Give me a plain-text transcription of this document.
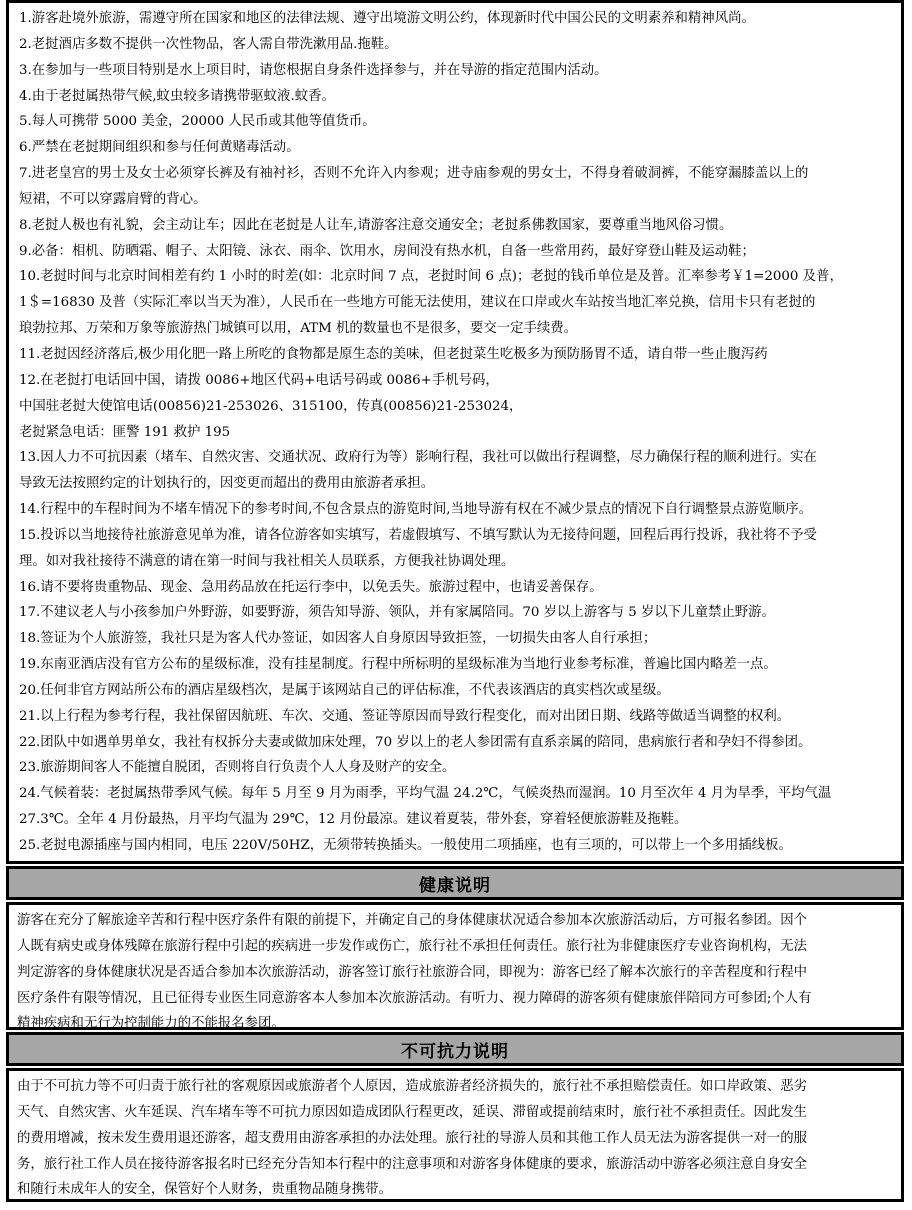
1.游客赴境外旅游，需遵守所在国家和地区的法律法规、遵守出境游文明公约，体现新时代中国公民的文明素养和精神风尚。
2.老挝酒店多数不提供一次性物品，客人需自带洗漱用品.拖鞋。
3.在参加与一些项目特别是水上项目时，请您根据自身条件选择参与，并在导游的指定范围内活动。
4.由于老挝属热带气候,蚊虫较多请携带驱蚊液.蚊香。
5.每人可携带 5000 美金，20000 人民币或其他等值货币。
6.严禁在老挝期间组织和参与任何黄赌毒活动。
7.进老皇宫的男士及女士必须穿长裤及有袖衬衫，否则不允许入内参观；进寺庙参观的男女士，不得身着破洞裤，不能穿漏膝盖以上的
短裙，不可以穿露肩臂的背心。
8.老挝人极也有礼貌，会主动让车；因此在老挝是人让车,请游客注意交通安全；老挝系佛教国家，要尊重当地风俗习惯。
9.必备：相机、防晒霜、帽子、太阳镜、泳衣、雨伞、饮用水，房间没有热水机，自备一些常用药，最好穿登山鞋及运动鞋；
10.老挝时间与北京时间相差有约 1 小时的时差(如：北京时间 7 点，老挝时间 6 点)；老挝的钱币单位是及普。汇率参考￥1=2000 及普，
1＄=16830 及普（实际汇率以当天为准），人民币在一些地方可能无法使用，建议在口岸或火车站按当地汇率兑换，信用卡只有老挝的
琅勃拉邦、万荣和万象等旅游热门城镇可以用，ATM 机的数量也不是很多，要交一定手续费。
11.老挝因经济落后,极少用化肥一路上所吃的食物都是原生态的美味，但老挝菜生吃极多为预防肠胃不适，请自带一些止腹泻药
12.在老挝打电话回中国，请拨 0086+地区代码+电话号码或 0086+手机号码，
中国驻老挝大使馆电话(00856)21-253026、315100，传真(00856)21-253024，
老挝紧急电话：匪警 191 救护 195
13.因人力不可抗因素（堵车、自然灾害、交通状况、政府行为等）影响行程，我社可以做出行程调整，尽力确保行程的顺利进行。实在
导致无法按照约定的计划执行的，因变更而超出的费用由旅游者承担。
14.行程中的车程时间为不堵车情况下的参考时间,不包含景点的游览时间,当地导游有权在不减少景点的情况下自行调整景点游览顺序。
15.投诉以当地接待社旅游意见单为准，请各位游客如实填写，若虚假填写、不填写默认为无接待问题，回程后再行投诉，我社将不予受
理。如对我社接待不满意的请在第一时间与我社相关人员联系，方便我社协调处理。
16.请不要将贵重物品、现金、急用药品放在托运行李中，以免丢失。旅游过程中，也请妥善保存。
17.不建议老人与小孩参加户外野游，如要野游，须告知导游、领队，并有家属陪同。70 岁以上游客与 5 岁以下儿童禁止野游。
18.签证为个人旅游签，我社只是为客人代办签证，如因客人自身原因导致拒签，一切损失由客人自行承担；
19.东南亚酒店没有官方公布的星级标准，没有挂星制度。行程中所标明的星级标准为当地行业参考标准，普遍比国内略差一点。
20.任何非官方网站所公布的酒店星级档次，是属于该网站自己的评估标准，不代表该酒店的真实档次或星级。
21.以上行程为参考行程，我社保留因航班、车次、交通、签证等原因而导致行程变化，而对出团日期、线路等做适当调整的权利。
22.团队中如遇单男单女，我社有权拆分夫妻或做加床处理，70 岁以上的老人参团需有直系亲属的陪同，患病旅行者和孕妇不得参团。
23.旅游期间客人不能擅自脱团，否则将自行负责个人人身及财产的安全。
24.气候着装：老挝属热带季风气候。每年 5 月至 9 月为雨季，平均气温 24.2℃，气候炎热而湿润。10 月至次年 4 月为旱季，平均气温
27.3℃。全年 4 月份最热，月平均气温为 29℃，12 月份最凉。建议着夏装，带外套，穿着轻便旅游鞋及拖鞋。
25.老挝电源插座与国内相同，电压 220V/50HZ，无须带转换插头。一般使用二项插座，也有三项的，可以带上一个多用插线板。
健康说明
游客在充分了解旅途辛苦和行程中医疗条件有限的前提下，并确定自己的身体健康状况适合参加本次旅游活动后，方可报名参团。因个
人既有病史或身体残障在旅游行程中引起的疾病进一步发作或伤亡，旅行社不承担任何责任。旅行社为非健康医疗专业咨询机构，无法
判定游客的身体健康状况是否适合参加本次旅游活动，游客签订旅行社旅游合同，即视为：游客已经了解本次旅行的辛苦程度和行程中
医疗条件有限等情况，且已征得专业医生同意游客本人参加本次旅游活动。有听力、视力障碍的游客须有健康旅伴陪同方可参团;个人有
精神疾病和无行为控制能力的不能报名参团。
不可抗力说明
由于不可抗力等不可归责于旅行社的客观原因或旅游者个人原因，造成旅游者经济损失的，旅行社不承担赔偿责任。如口岸政策、恶劣
天气、自然灾害、火车延误、汽车堵车等不可抗力原因如造成团队行程更改，延误、滞留或提前结束时，旅行社不承担责任。因此发生
的费用增减，按未发生费用退还游客，超支费用由游客承担的办法处理。旅行社的导游人员和其他工作人员无法为游客提供一对一的服
务，旅行社工作人员在接待游客报名时已经充分告知本行程中的注意事项和对游客身体健康的要求，旅游活动中游客必须注意自身安全
和随行未成年人的安全，保管好个人财务，贵重物品随身携带。
